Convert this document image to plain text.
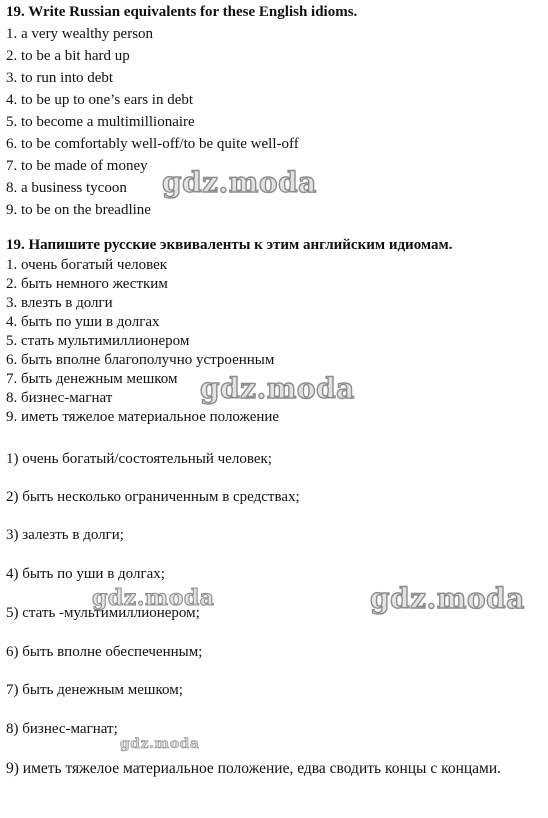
19. Write Russian equivalents for these English idioms.
1. a very wealthy person
2. to be a bit hard up
3. to run into debt
4. to be up to one’s ears in debt
5. to become a multimillionaire
6. to be comfortably well-off/to be quite well-off
7. to be made of money
8. a business tycoon
9. to be on the breadline
19. Напишите русские эквиваленты к этим английским идиомам.
1. очень богатый человек
2. быть немного жестким
3. влезть в долги
4. быть по уши в долгах
5. стать мультимиллионером
6. быть вполне благополучно устроенным
7. быть денежным мешком
8. бизнес-магнат
9. иметь тяжелое материальное положение
1) очень богатый/состоятельный человек;
2) быть несколько ограниченным в средствах;
3) залезть в долги;
4) быть по уши в долгах;
5) стать -мультимиллионером;
6) быть вполне обеспеченным;
7) быть денежным мешком;
8) бизнес-магнат;
9) иметь тяжелое материальное положение, едва сводить концы с концами.
gdz.moda
gdz.moda
gdz.moda	gdz.moda
gdz.moda
